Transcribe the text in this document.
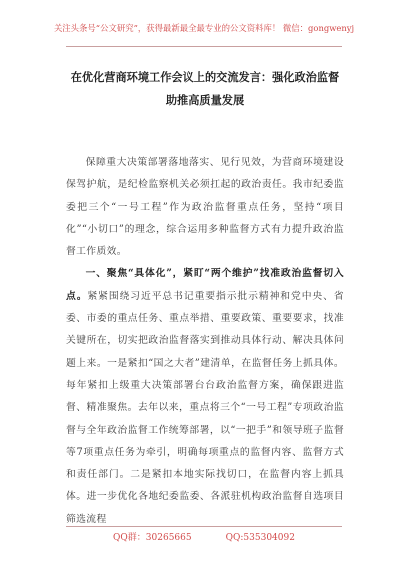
关注头条号“公文研究”，获得最新最全最专业的公文资料库！ 微信：gongwenyj
在优化营商环境工作会议上的交流发言：强化政治监督
助推高质量发展

保障重大决策部署落地落实、见行见效，为营商环境建设保驾护航，是纪检监察机关必须扛起的政治责任。我市纪委监委把三个“一号工程”作为政治监督重点任务，坚持“项目化”“小切口”的理念，综合运用多种监督方式有力提升政治监督工作质效。

一、聚焦“具体化”，紧盯“两个维护”找准政治监督切入点。紧紧围绕习近平总书记重要指示批示精神和党中央、省委、市委的重点任务、重点举措、重要政策、重要要求，找准关键所在，切实把政治监督落实到推动具体行动、解决具体问题上来。一是紧扣“国之大者”建清单，在监督任务上抓具体。每年紧扣上级重大决策部署台台政治监督方案，确保跟进监督、精准聚焦。去年以来，重点将三个“一号工程”专项政治监督与全年政治监督工作统筹部署，以“一把手”和领导班子监督等7项重点任务为牵引，明确每项重点的监督内容、监督方式和责任部门。二是紧扣本地实际找切口，在监督内容上抓具体。进一步优化各地纪委监委、各派驻机构政治监督自选项目筛选流程

QQ群：30265665	QQ:535304092
